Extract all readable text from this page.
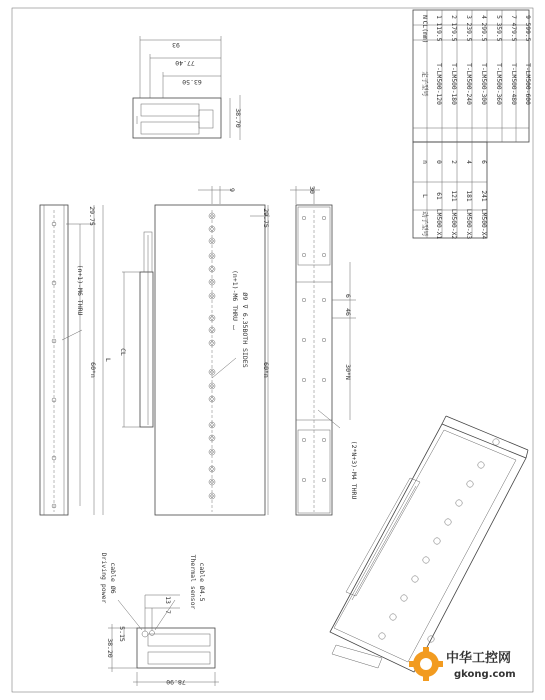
定子型号
CL(mm)
N
T-LM500-120
119.5
1
T-LM500-180
179.5
2
T-LM500-240
239.5
3
T-LM500-300
299.5
4
T-LM500-360
359.5
5
T-LM500-480
479.5
7
T-LM500-600
599.5
9
动子型号
L
n
LM500-X1
61
0
LM500-X2
121
2
LM500-X3
181
4
LM500-X4
241
6
93
77.40
63.50
38.70
29.75
(n+1)-M6 THRU
60*n
L
CL
9
29.75
60*n
(n+1)-M6 THRU ⌴ Ø9 ⊽ 6.35BOTH SIDES
30
6
46
30*N
(2*N+3)-M4 THRU
38.20
5.15
78.90
13
7
Driving power cable Ø6	Thermal sensor cable Ø4.5
中华工控网
gkong.com
